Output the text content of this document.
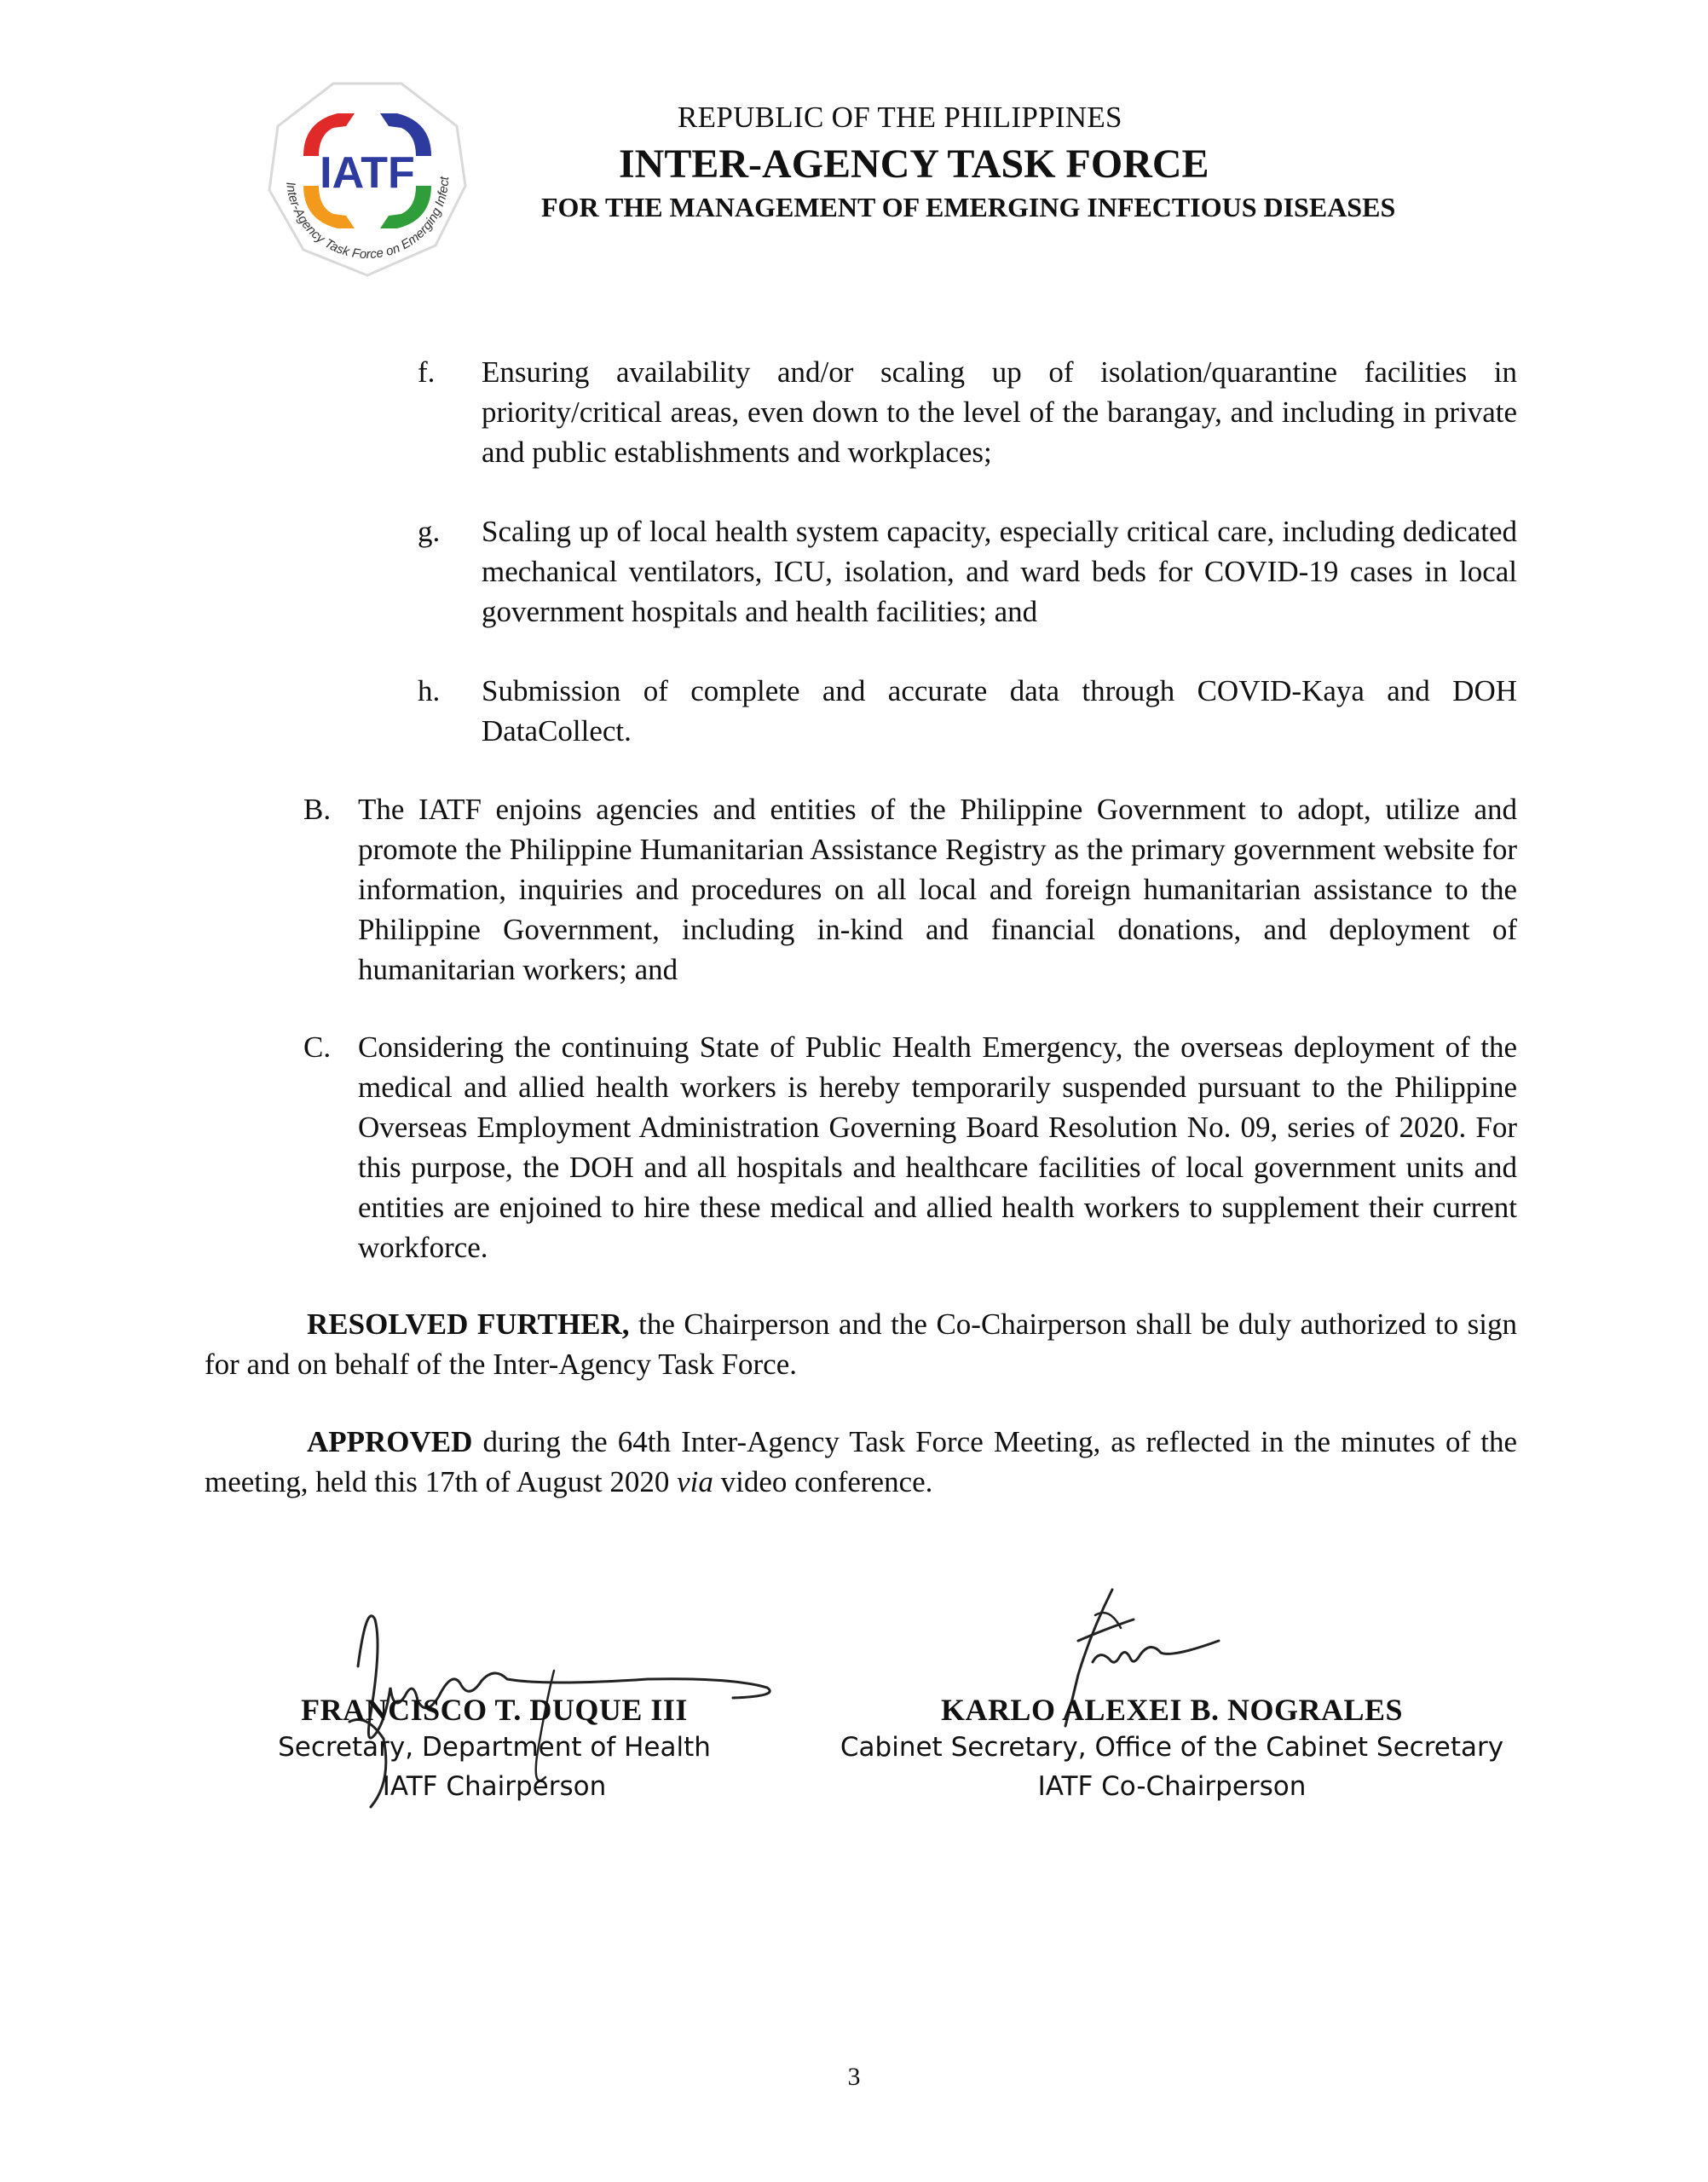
IATF
Inter-Agency Task Force on Emerging Infect
REPUBLIC OF THE PHILIPPINES
INTER-AGENCY TASK FORCE
FOR THE MANAGEMENT OF EMERGING INFECTIOUS DISEASES
f. Ensuring availability and/or scaling up of isolation/quarantine facilities in priority/critical areas, even down to the level of the barangay, and including in private and public establishments and workplaces;
g. Scaling up of local health system capacity, especially critical care, including dedicated mechanical ventilators, ICU, isolation, and ward beds for COVID-19 cases in local government hospitals and health facilities; and
h. Submission of complete and accurate data through COVID-Kaya and DOH DataCollect.
B. The IATF enjoins agencies and entities of the Philippine Government to adopt, utilize and promote the Philippine Humanitarian Assistance Registry as the primary government website for information, inquiries and procedures on all local and foreign humanitarian assistance to the Philippine Government, including in-kind and financial donations, and deployment of humanitarian workers; and
C. Considering the continuing State of Public Health Emergency, the overseas deployment of the medical and allied health workers is hereby temporarily suspended pursuant to the Philippine Overseas Employment Administration Governing Board Resolution No. 09, series of 2020. For this purpose, the DOH and all hospitals and healthcare facilities of local government units and entities are enjoined to hire these medical and allied health workers to supplement their current workforce.
RESOLVED FURTHER, the Chairperson and the Co-Chairperson shall be duly authorized to sign for and on behalf of the Inter-Agency Task Force.
APPROVED during the 64th Inter-Agency Task Force Meeting, as reflected in the minutes of the meeting, held this 17th of August 2020 via video conference.
FRANCISCO T. DUQUE III
Secretary, Department of Health
IATF Chairperson
KARLO ALEXEI B. NOGRALES
Cabinet Secretary, Office of the Cabinet Secretary
IATF Co-Chairperson
3
